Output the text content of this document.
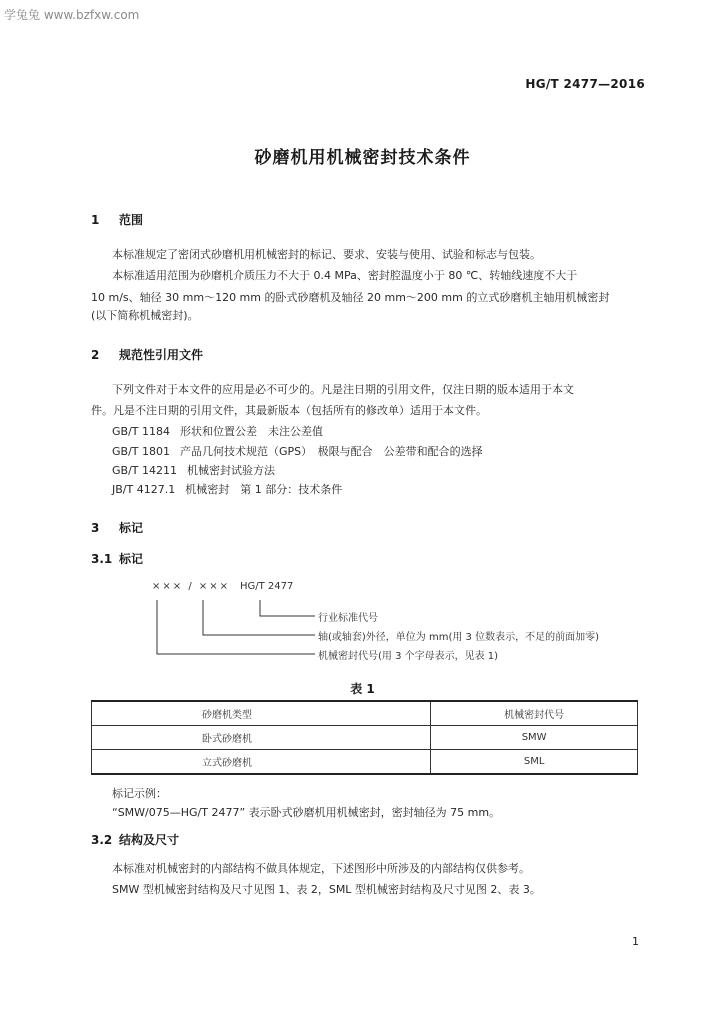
学兔兔 www.bzfxw.com
HG/T 2477—2016
砂磨机用机械密封技术条件
1 范围
本标准规定了密闭式砂磨机用机械密封的标记、要求、安装与使用、试验和标志与包装。
本标准适用范围为砂磨机介质压力不大于 0.4 MPa、密封腔温度小于 80 ℃、转轴线速度不大于
10 m/s、轴径 30 mm～120 mm 的卧式砂磨机及轴径 20 mm～200 mm 的立式砂磨机主轴用机械密封
(以下简称机械密封)。
2 规范性引用文件
下列文件对于本文件的应用是必不可少的。凡是注日期的引用文件，仅注日期的版本适用于本文
件。凡是不注日期的引用文件，其最新版本（包括所有的修改单）适用于本文件。
GB/T 1184 形状和位置公差　未注公差值
GB/T 1801 产品几何技术规范（GPS）　极限与配合　公差带和配合的选择
GB/T 14211 机械密封试验方法
JB/T 4127.1 机械密封　第 1 部分：技术条件
3 标记
3.1 标记
××× / ××× HG/T 2477
行业标准代号
轴(或轴套)外径，单位为 mm(用 3 位数表示，不足的前面加零)
机械密封代号(用 3 个字母表示，见表 1)
表 1
砂磨机类型	机械密封代号
卧式砂磨机	SMW
立式砂磨机	SML
标记示例：
“SMW/075—HG/T 2477” 表示卧式砂磨机用机械密封，密封轴径为 75 mm。
3.2 结构及尺寸
本标准对机械密封的内部结构不做具体规定，下述图形中所涉及的内部结构仅供参考。
SMW 型机械密封结构及尺寸见图 1、表 2，SML 型机械密封结构及尺寸见图 2、表 3。
1
